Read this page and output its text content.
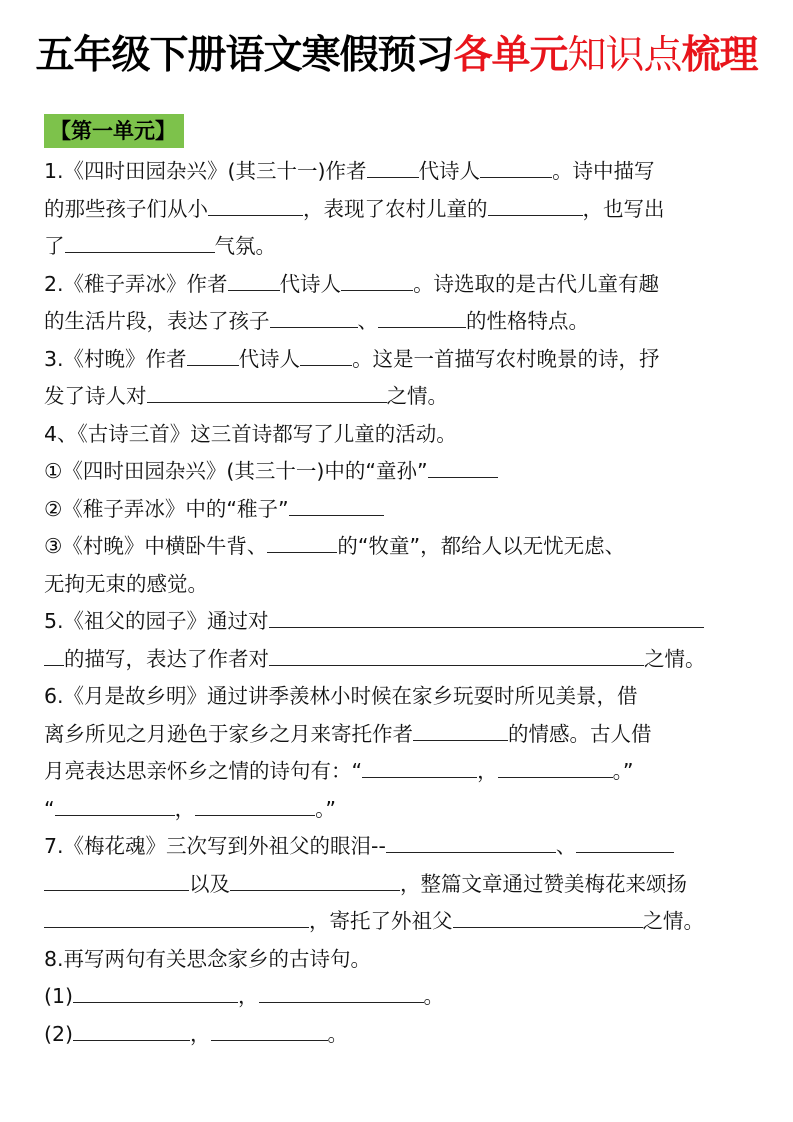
五年级下册语文寒假预习各单元知识点梳理
【第一单元】
1.《四时田园杂兴》(其三十一)作者	代诗人	。诗中描写
的那些孩子们从小	，表现了农村儿童的	，也写出
了	气氛。
2.《稚子弄冰》作者	代诗人	。诗选取的是古代儿童有趣
的生活片段，表达了孩子	、	的性格特点。
3.《村晚》作者	代诗人	。这是一首描写农村晚景的诗，抒
发了诗人对	之情。
4、《古诗三首》这三首诗都写了儿童的活动。
①《四时田园杂兴》(其三十一)中的“童孙”
②《稚子弄冰》中的“稚子”
③《村晚》中横卧牛背、	的“牧童”，都给人以无忧无虑、
无拘无束的感觉。
5.《祖父的园子》通过对
的描写，表达了作者对	之情。
6.《月是故乡明》通过讲季羡林小时候在家乡玩耍时所见美景，借
离乡所见之月逊色于家乡之月来寄托作者	的情感。古人借
月亮表达思亲怀乡之情的诗句有：“	，	。”
“	，	。”
7.《梅花魂》三次写到外祖父的眼泪--	、
以及	，整篇文章通过赞美梅花来颂扬
，寄托了外祖父	之情。
8.再写两句有关思念家乡的古诗句。
(1)	，	。
(2)	，	。
